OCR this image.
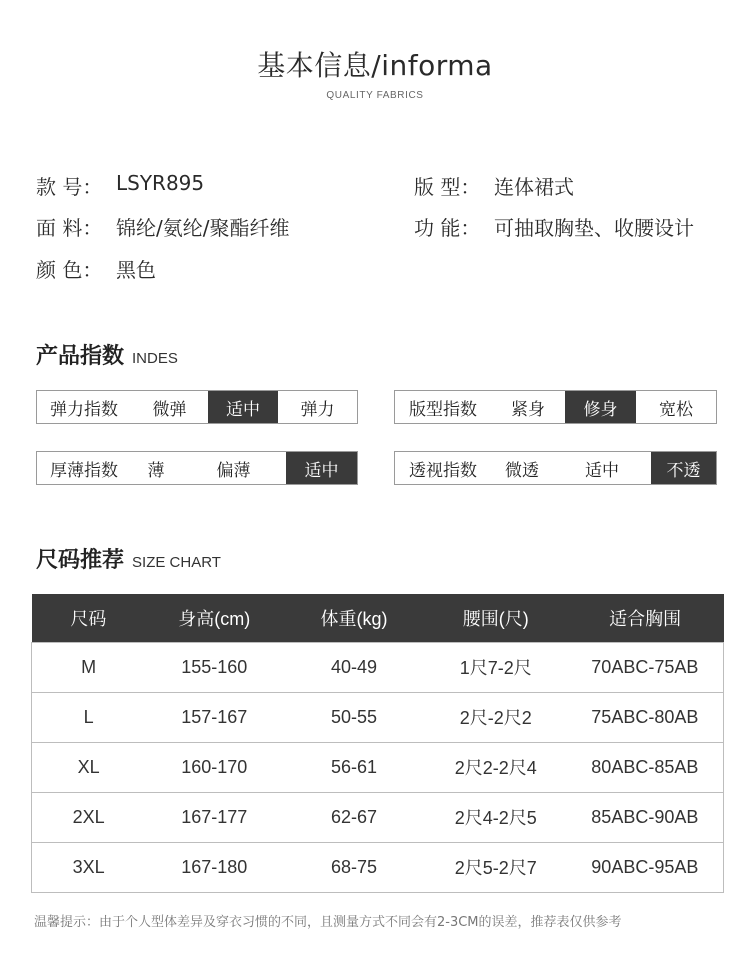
基本信息/informa
QUALITY FABRICS
款 号： LSYR895	版 型： 连体裙式
面 料： 锦纶/氨纶/聚酯纤维	功 能： 可抽取胸垫、收腰设计
颜 色： 黑色
产品指数 INDES
弹力指数	微弹	适中	弹力	版型指数	紧身	修身	宽松
厚薄指数	薄	偏薄	适中	透视指数	微透	适中	不透
尺码推荐 SIZE CHART
尺码	身高(cm)	体重(kg)	腰围(尺)	适合胸围
M	155-160	40-49	1尺7-2尺	70ABC-75AB
L	157-167	50-55	2尺-2尺2	75ABC-80AB
XL	160-170	56-61	2尺2-2尺4	80ABC-85AB
2XL	167-177	62-67	2尺4-2尺5	85ABC-90AB
3XL	167-180	68-75	2尺5-2尺7	90ABC-95AB
温馨提示：由于个人型体差异及穿衣习惯的不同，且测量方式不同会有2-3CM的误差，推荐表仅供参考
